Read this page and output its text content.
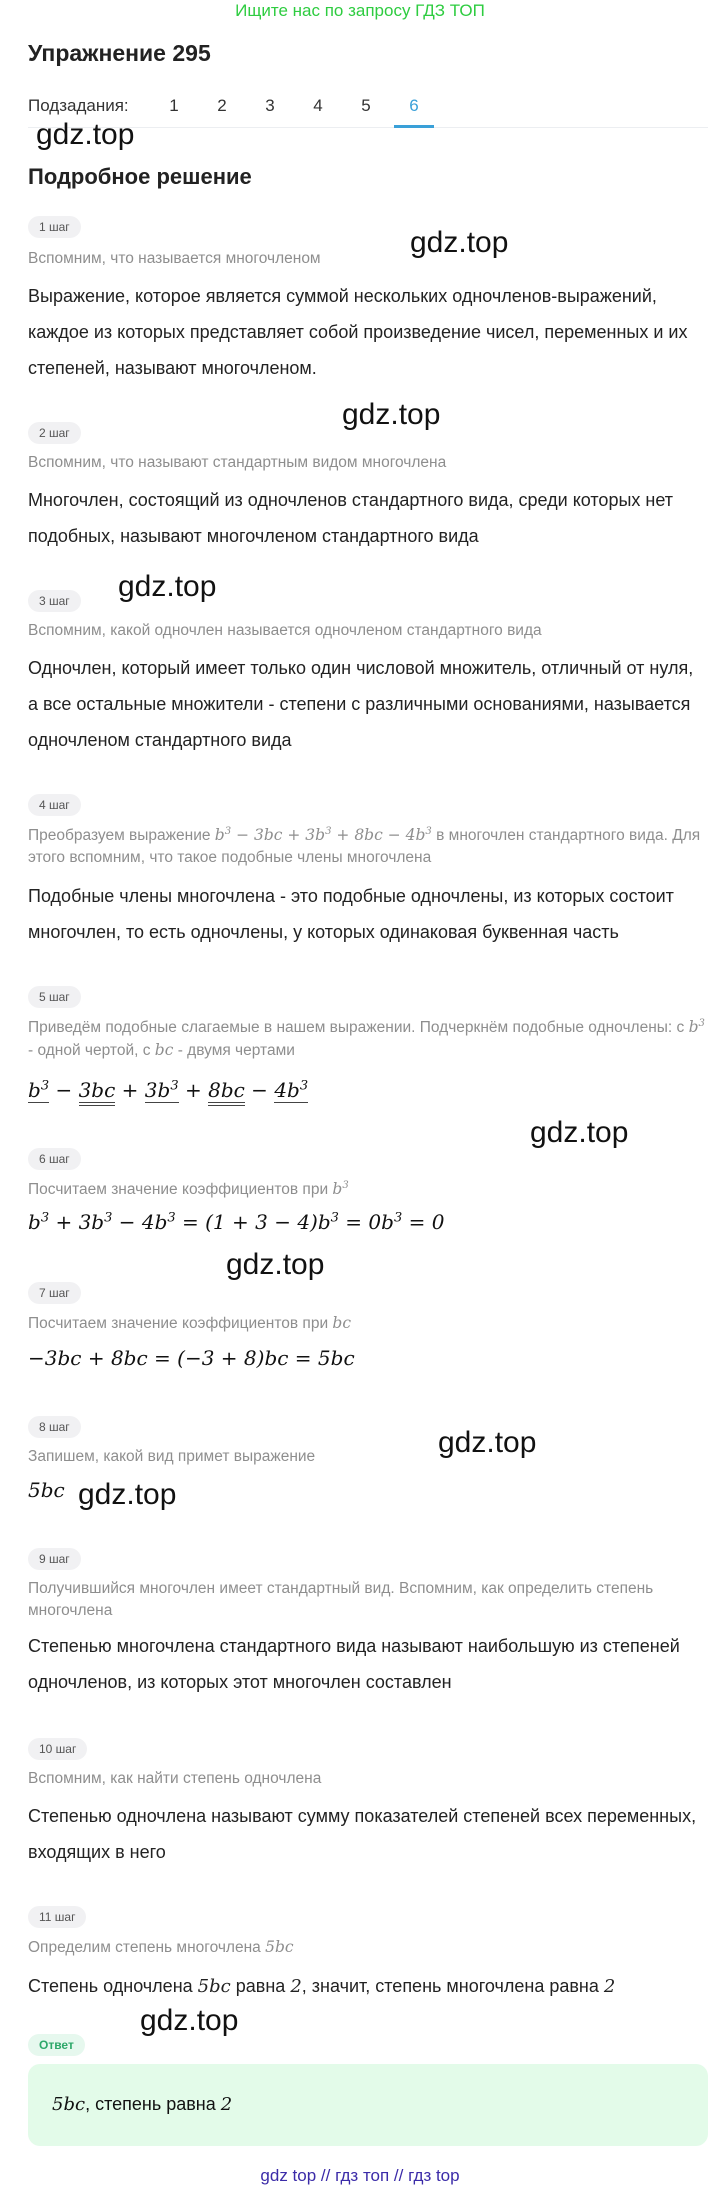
Ищите нас по запросу ГДЗ ТОП
Упражнение 295
Подзадания:	1	2	3	4	5	6
gdz.top
gdz.top
gdz.top
gdz.top
gdz.top
gdz.top
gdz.top
gdz.top
gdz.top
Подробное решение
1 шаг
Вспомним, что называется многочленом
Выражение, которое является суммой нескольких одночленов-выражений, каждое из которых представляет собой произведение чисел, переменных и их степеней, называют многочленом.
2 шаг
Вспомним, что называют стандартным видом многочлена
Многочлен, состоящий из одночленов стандартного вида, среди которых нет подобных, называют многочленом стандартного вида
3 шаг
Вспомним, какой одночлен называется одночленом стандартного вида
Одночлен, который имеет только один числовой множитель, отличный от нуля, а все остальные множители - степени с различными основаниями, называется одночленом стандартного вида
4 шаг
Преобразуем выражение $b^3 - 3bc + 3b^3 + 8bc - 4b^3$ в многочлен стандартного вида. Для этого вспомним, что такое подобные члены многочлена
Подобные члены многочлена - это подобные одночлены, из которых состоит многочлен, то есть одночлены, у которых одинаковая буквенная часть
5 шаг
Приведём подобные слагаемые в нашем выражении. Подчеркнём подобные одночлены: с $b^3$ - одной чертой, с bc - двумя чертами
$b^3 - 3bc + 3b^3 + 8bc - 4b^3$
6 шаг
Посчитаем значение коэффициентов при $b^3$
$b^3 + 3b^3 - 4b^3 = (1 + 3 - 4)b^3 = 0b^3 = 0$
7 шаг
Посчитаем значение коэффициентов при bc
−3bc + 8bc = (−3 + 8)bc = 5bc
8 шаг
Запишем, какой вид примет выражение
5bc
9 шаг
Получившийся многочлен имеет стандартный вид. Вспомним, как определить степень многочлена
Степенью многочлена стандартного вида называют наибольшую из степеней одночленов, из которых этот многочлен составлен
10 шаг
Вспомним, как найти степень одночлена
Степенью одночлена называют сумму показателей степеней всех переменных, входящих в него
11 шаг
Определим степень многочлена 5bc
Степень одночлена 5bc равна 2, значит, степень многочлена равна 2
Ответ
5bc, степень равна 2
gdz top // гдз топ // гдз top
